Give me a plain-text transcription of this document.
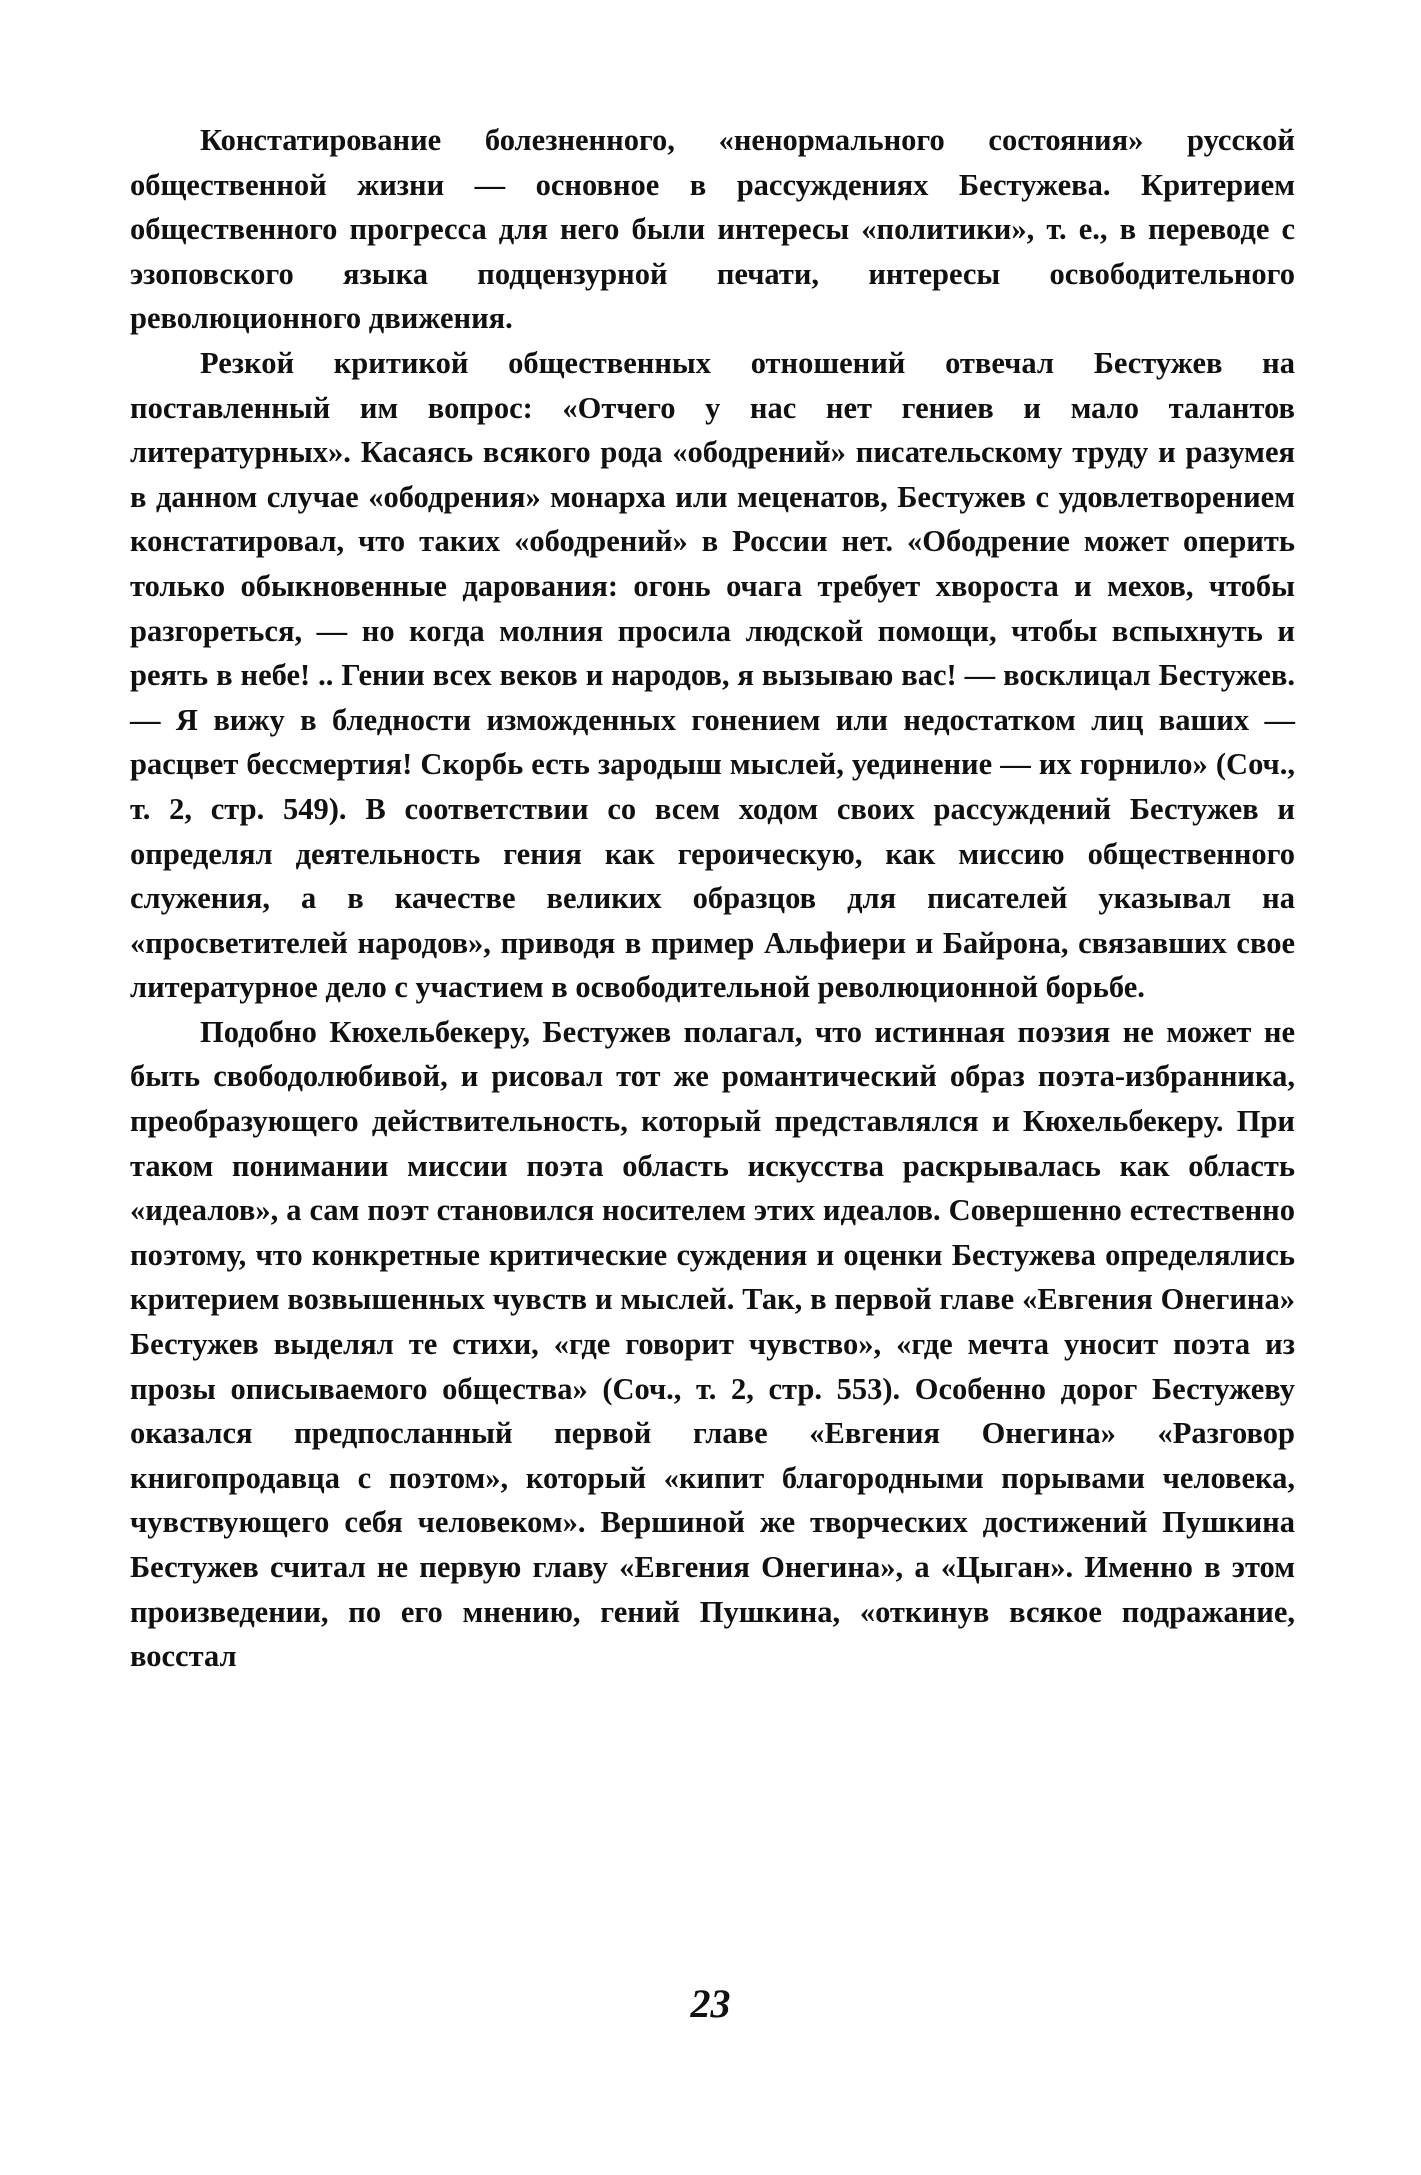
Констатирование болезненного, «ненормального состояния» русской общественной жизни — основное в рассуждениях Бестужева. Критерием общественного прогресса для него были интересы «политики», т. е., в переводе с эзоповского языка подцензурной печати, интересы освободительного революционного движения.

Резкой критикой общественных отношений отвечал Бестужев на поставленный им вопрос: «Отчего у нас нет гениев и мало талантов литературных». Касаясь всякого рода «ободрений» писательскому труду и разумея в данном случае «ободрения» монарха или меценатов, Бестужев с удовлетворением констатировал, что таких «ободрений» в России нет. «Ободрение может оперить только обыкновенные дарования: огонь очага требует хвороста и мехов, чтобы разгореться, — но когда молния просила людской помощи, чтобы вспыхнуть и реять в небе! .. Гении всех веков и народов, я вызываю вас! — восклицал Бестужев. — Я вижу в бледности изможденных гонением или недостатком лиц ваших — расцвет бессмертия! Скорбь есть зародыш мыслей, уединение — их горнило» (Соч., т. 2, стр. 549). В соответствии со всем ходом своих рассуждений Бестужев и определял деятельность гения как героическую, как миссию общественного служения, а в качестве великих образцов для писателей указывал на «просветителей народов», приводя в пример Альфиери и Байрона, связавших свое литературное дело с участием в освободительной революционной борьбе.

Подобно Кюхельбекеру, Бестужев полагал, что истинная поэзия не может не быть свободолюбивой, и рисовал тот же романтический образ поэта-избранника, преобразующего действительность, который представлялся и Кюхельбекеру. При таком понимании миссии поэта область искусства раскрывалась как область «идеалов», а сам поэт становился носителем этих идеалов. Совершенно естественно поэтому, что конкретные критические суждения и оценки Бестужева определялись критерием возвышенных чувств и мыслей. Так, в первой главе «Евгения Онегина» Бестужев выделял те стихи, «где говорит чувство», «где мечта уносит поэта из прозы описываемого общества» (Соч., т. 2, стр. 553). Особенно дорог Бестужеву оказался предпосланный первой главе «Евгения Онегина» «Разговор книгопродавца с поэтом», который «кипит благородными порывами человека, чувствующего себя человеком». Вершиной же творческих достижений Пушкина Бестужев считал не первую главу «Евгения Онегина», а «Цыган». Именно в этом произведении, по его мнению, гений Пушкина, «откинув всякое подражание, восстал

23
